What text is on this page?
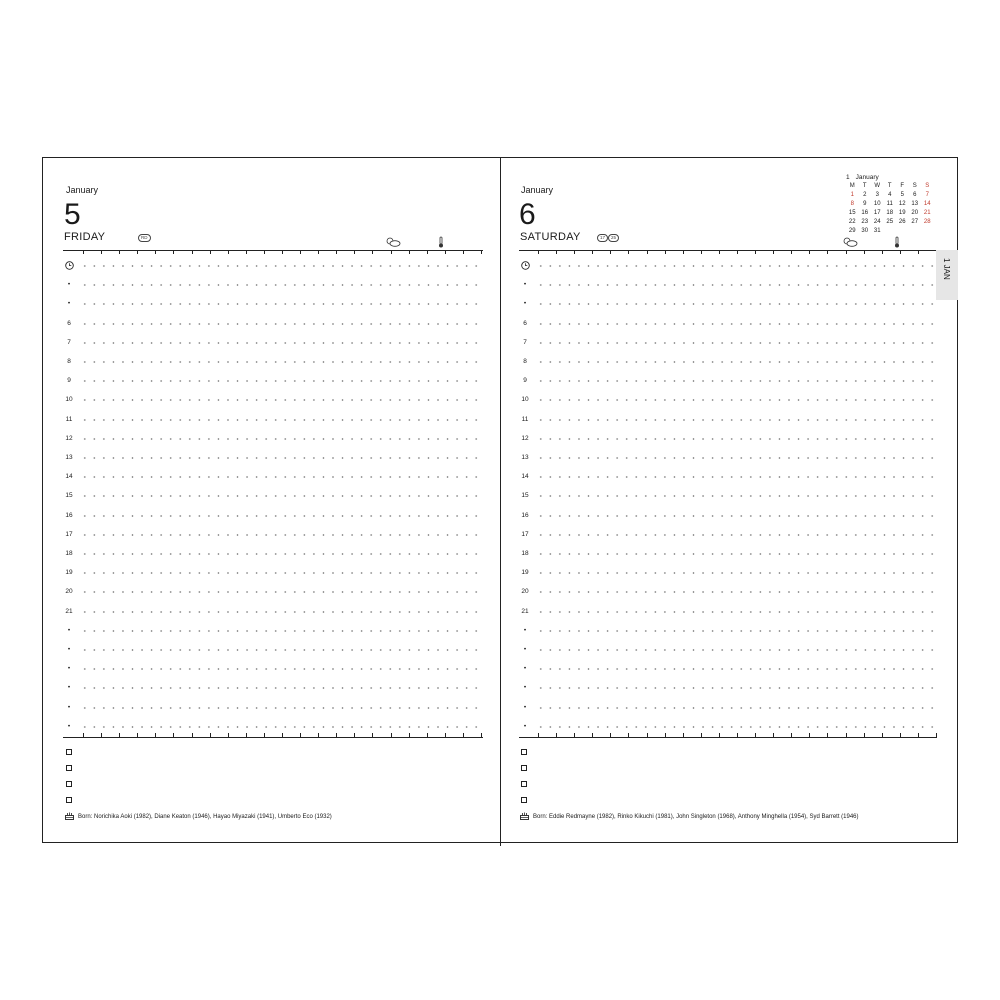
January
5
FRIDAY	RD
•
•
6
7
8
9
10
11
12
13
14
15
16
17
18
19
20
21
•
•
•
•
•
•
Born: Norichika Aoki (1982), Diane Keaton (1946), Hayao Miyazaki (1941), Umberto Eco (1932)
January
6
SATURDAY	17	25
1 January
M	T	W	T	F	S	S
1	2	3	4	5	6	7
8	9	10	11	12 13 14
15 16 17 18 19 20 21
22 23 24 25 26 27 28
29 30 31
•
•
6
7
8
9
10
11
12
13
14
15
16
17
18
19
20
21
•
•
•
•
•
•
Born: Eddie Redmayne (1982), Rinko Kikuchi (1981), John Singleton (1968), Anthony Minghella (1954), Syd Barrett (1946)
1 JAN
